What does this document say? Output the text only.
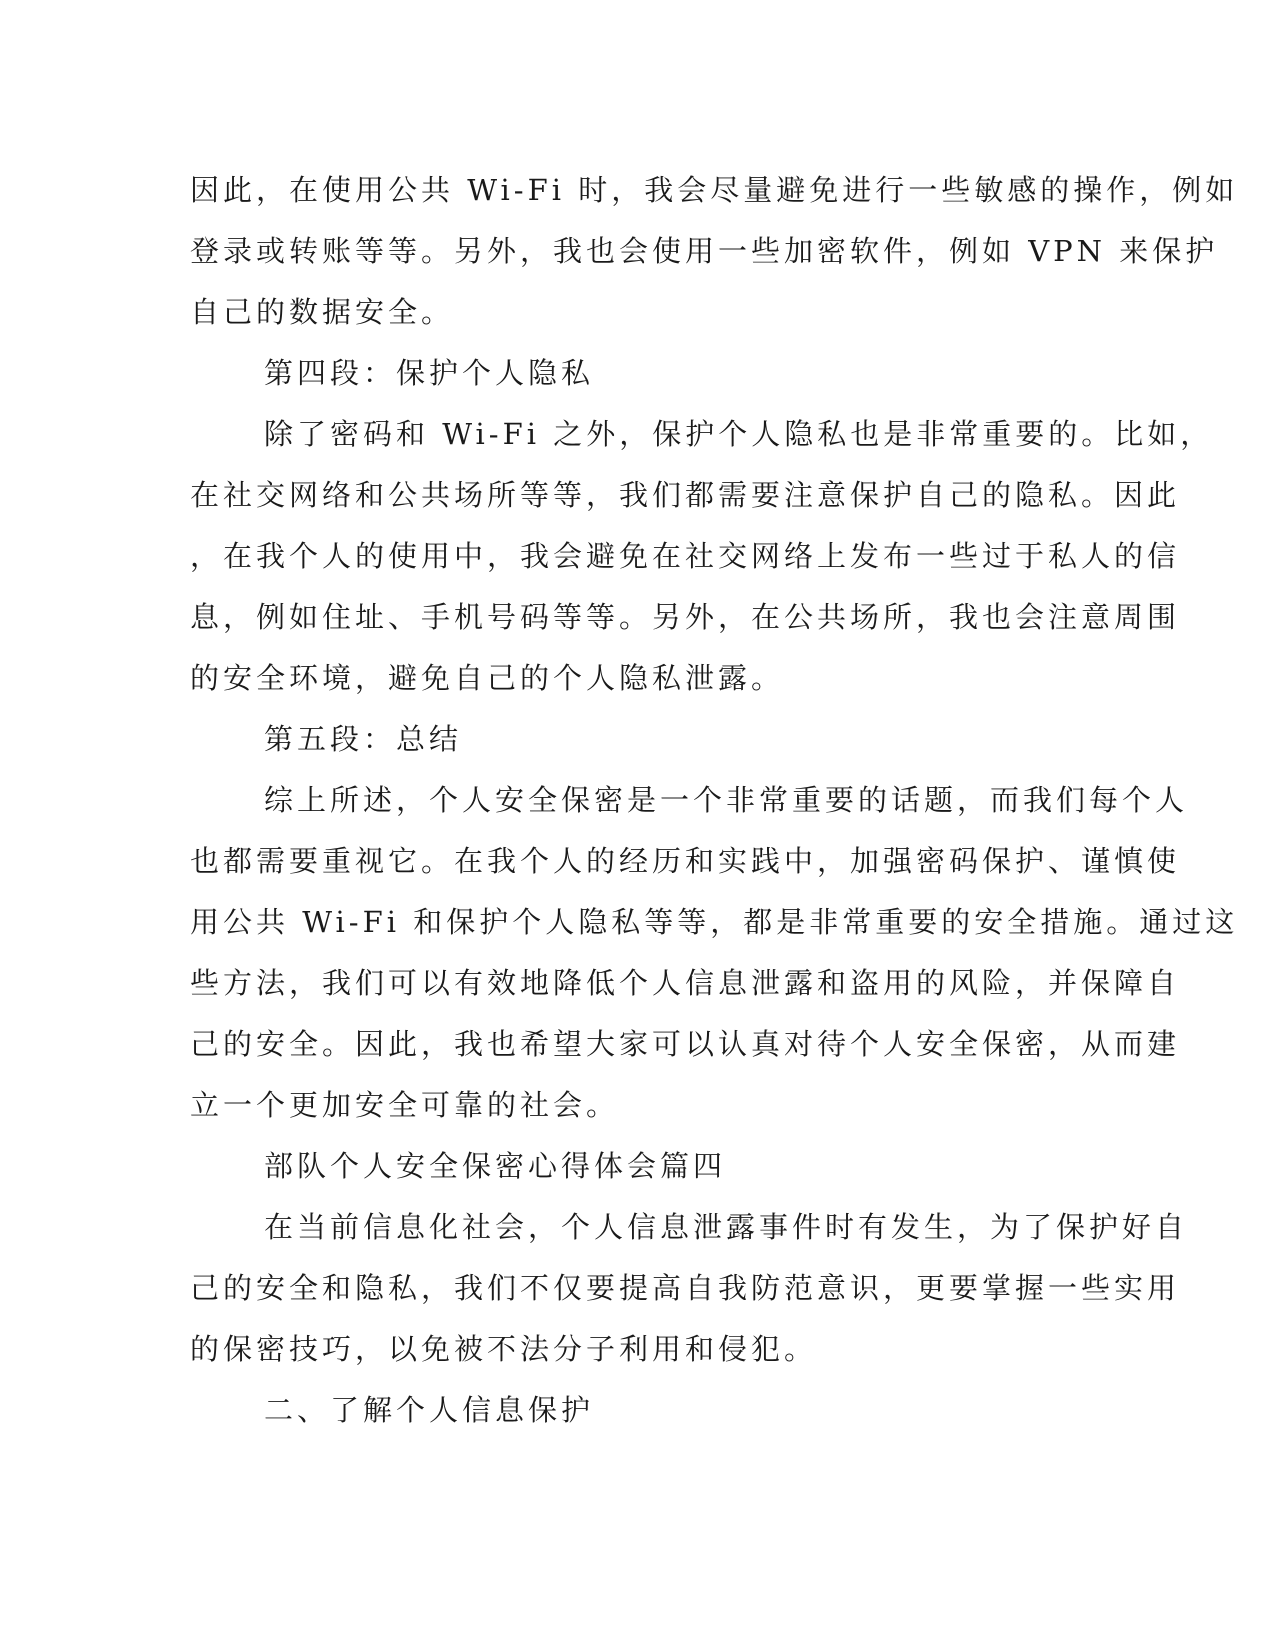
因此，在使用公共 Wi-Fi 时，我会尽量避免进行一些敏感的操作，例如
登录或转账等等。另外，我也会使用一些加密软件，例如 VPN 来保护
自己的数据安全。

第四段：保护个人隐私

除了密码和 Wi-Fi 之外，保护个人隐私也是非常重要的。比如，
在社交网络和公共场所等等，我们都需要注意保护自己的隐私。因此
，在我个人的使用中，我会避免在社交网络上发布一些过于私人的信
息，例如住址、手机号码等等。另外，在公共场所，我也会注意周围
的安全环境，避免自己的个人隐私泄露。

第五段：总结

综上所述，个人安全保密是一个非常重要的话题，而我们每个人
也都需要重视它。在我个人的经历和实践中，加强密码保护、谨慎使
用公共 Wi-Fi 和保护个人隐私等等，都是非常重要的安全措施。通过这
些方法，我们可以有效地降低个人信息泄露和盗用的风险，并保障自
己的安全。因此，我也希望大家可以认真对待个人安全保密，从而建
立一个更加安全可靠的社会。

部队个人安全保密心得体会篇四

在当前信息化社会，个人信息泄露事件时有发生，为了保护好自
己的安全和隐私，我们不仅要提高自我防范意识，更要掌握一些实用
的保密技巧，以免被不法分子利用和侵犯。

二、了解个人信息保护
